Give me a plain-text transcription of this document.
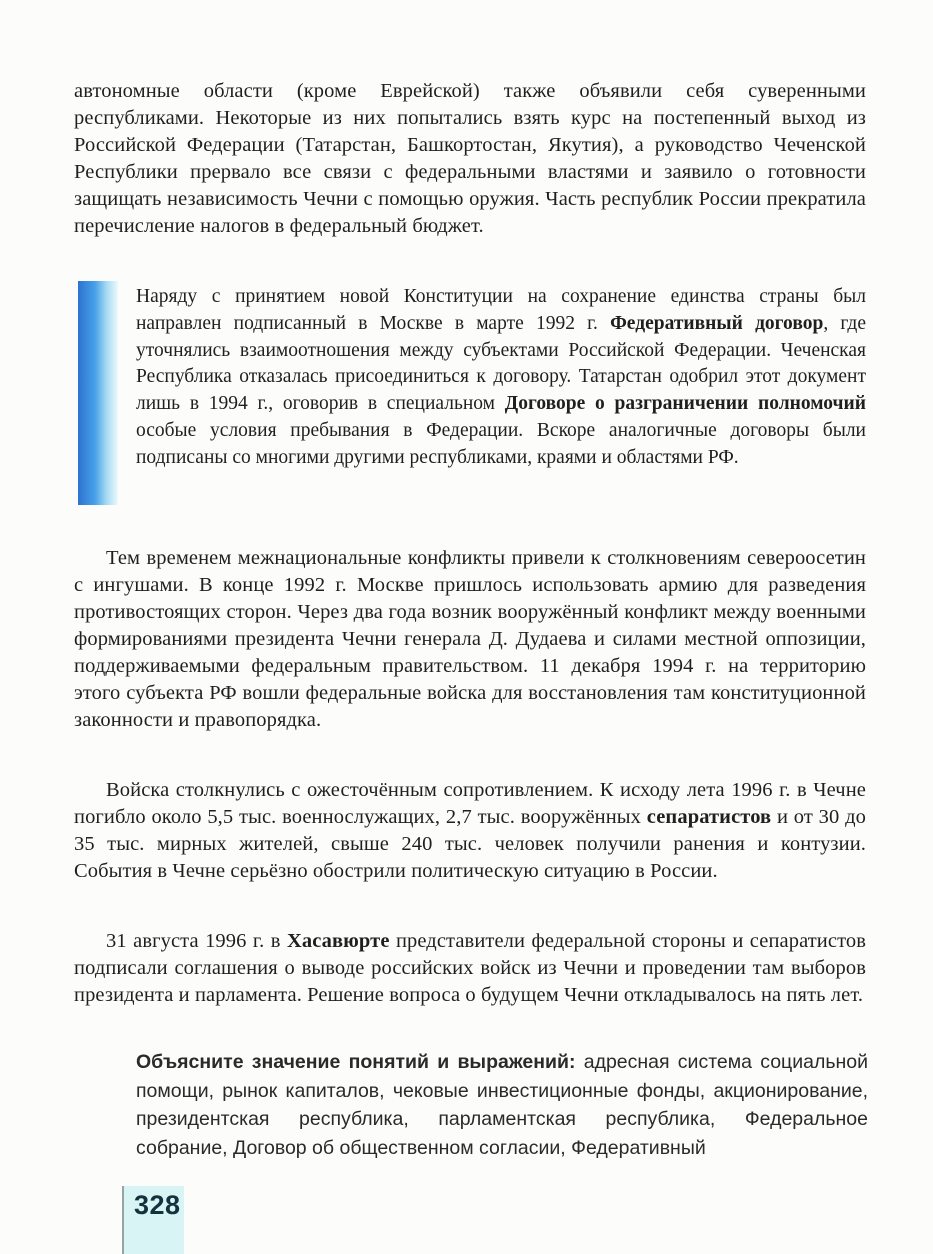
автономные области (кроме Еврейской) также объявили себя суверенными республиками. Некоторые из них попытались взять курс на постепенный выход из Российской Федерации (Татарстан, Башкортостан, Якутия), а руководство Чеченской Республики прервало все связи с федеральными властями и заявило о готовности защищать независимость Чечни с помощью оружия. Часть республик России прекратила перечисление налогов в федеральный бюджет.

Наряду с принятием новой Конституции на сохранение единства страны был направлен подписанный в Москве в марте 1992 г. Федеративный договор, где уточнялись взаимоотношения между субъектами Российской Федерации. Чеченская Республика отказалась присоединиться к договору. Татарстан одобрил этот документ лишь в 1994 г., оговорив в специальном Договоре о разграничении полномочий особые условия пребывания в Федерации. Вскоре аналогичные договоры были подписаны со многими другими республиками, краями и областями РФ.

Тем временем межнациональные конфликты привели к столкновениям североосетин с ингушами. В конце 1992 г. Москве пришлось использовать армию для разведения противостоящих сторон. Через два года возник вооружённый конфликт между военными формированиями президента Чечни генерала Д. Дудаева и силами местной оппозиции, поддерживаемыми федеральным правительством. 11 декабря 1994 г. на территорию этого субъекта РФ вошли федеральные войска для восстановления там конституционной законности и правопорядка.

Войска столкнулись с ожесточённым сопротивлением. К исходу лета 1996 г. в Чечне погибло около 5,5 тыс. военнослужащих, 2,7 тыс. вооружённых сепаратистов и от 30 до 35 тыс. мирных жителей, свыше 240 тыс. человек получили ранения и контузии. События в Чечне серьёзно обострили политическую ситуацию в России.

31 августа 1996 г. в Хасавюрте представители федеральной стороны и сепаратистов подписали соглашения о выводе российских войск из Чечни и проведении там выборов президента и парламента. Решение вопроса о будущем Чечни откладывалось на пять лет.

Объясните значение понятий и выражений: адресная система социальной помощи, рынок капиталов, чековые инвестиционные фонды, акционирование, президентская республика, парламентская республика, Федеральное собрание, Договор об общественном согласии, Федеративный

328
